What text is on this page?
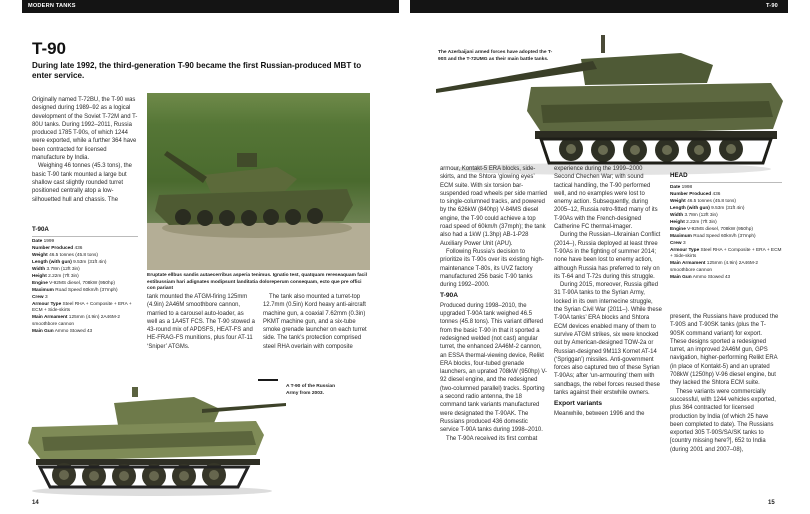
MODERN TANKS	T-90
T-90
During late 1992, the third-generation T-90 became the first Russian-produced MBT to enter service.

Originally named T-72BU, the T-90 was designed during 1989–92 as a logical development of the Soviet T-72M and T-80U tanks. During 1992–2011, Russia produced 1785 T-90s, of which 1244 were exported, while a further 364 have been contracted for licensed manufacture by India.

Weighing 46 tonnes (45.3 tons), the basic T-90 tank mounted a large but shallow cast slightly rounded turret positioned centrally atop a low-silhouetted hull and chassis. The

Eruptate ellbus sandis autaecerribus asperia tenimus. Ignatio test, quatquam rereseaquam facil estibussiam hari adignates modipsunt landitatia doloreperum consequam, ecto que pre offici con pariant
T-90A
Date 1999
Number Produced 436
Weight 46.5 tonnes (45.8 tons)
Length (with gun) 9.53m (31ft 4in)
Width 3.78m (12ft 3in)
Height 2.22m (7ft 3in)
Engine V-92MS diesel, 708kW (950hp)
Maximum Road Speed 60km/h (37mph)
Crew 3
Armour Type Steel RHA + Composite + ERA + ECM + Side-skirts
Main Armament 125mm (4.9in) 2A46M-2 smoothbore cannon
Main Gun Ammo Stowed 43

tank mounted the ATGM-firing 125mm (4.9in) 2A46M smoothbore cannon, married to a carousel auto-loader, as well as a 1A45T FCS. The T-90 stowed a 43-round mix of APDSFS, HEAT-FS and HE-FRAG-FS munitions, plus four AT-11 ‘Sniper’ ATGMs.

The tank also mounted a turret-top 12.7mm (0.5in) Kord heavy anti-aircraft machine gun, a coaxial 7.62mm (0.3in) PKMT machine gun, and a six-tube smoke grenade launcher on each turret side. The tank’s protection comprised steel RHA overlain with composite

A T-90 of the Russian Army from 2003.
14
The Azerbaijani armed forces have adopted the T-90S and the T-72UMG as their main battle tanks.

armour, Kontakt-5 ERA blocks, side-skirts, and the Shtora ‘glowing eyes’ ECM suite. With six torsion bar-suspended road wheels per side married to single-columned tracks, and powered by the 626kW (840hp) V-84MS diesel engine, the T-90 could achieve a top road speed of 60km/h (37mph); the tank also had a 1kW (1.3hp) AB-1-P28 Auxiliary Power Unit (APU).

Following Russia’s decision to prioritize its T-90s over its existing high-maintenance T-80s, its UVZ factory manufactured 256 basic T-90 tanks during 1992–2000.

T-90A

Produced during 1998–2010, the upgraded T-90A tank weighed 46.5 tonnes (45.8 tons). This variant differed from the basic T-90 in that it sported a redesigned welded (not cast) angular turret, the enhanced 2A46M-2 cannon, an ESSA thermal-viewing device, Relikt ERA blocks, four-tubed grenade launchers, an uprated 708kW (950hp) V-92 diesel engine, and the redesigned (two-columned parallel) tracks. Sporting a second radio antenna, the 18 command tank variants manufactured were designated the T-90AK. The Russians produced 436 domestic service T-90A tanks during 1998–2010.

The T-90A received its first combat

experience during the 1999–2000 Second Chechen War; with sound tactical handling, the T-90 performed well, and no examples were lost to enemy action. Subsequently, during 2005–12, Russia retro-fitted many of its T-90As with the French-designed Catherine FC thermal-imager.

During the Russian–Ukrainian Conflict (2014–), Russia deployed at least three T-90As in the fighting of summer 2014; none have been lost to enemy action, although Russia has preferred to rely on its T-64 and T-72s during this struggle.

During 2015, moreover, Russia gifted 31 T-90A tanks to the Syrian Army, locked in its own internecine struggle, the Syrian Civil War (2011–). While these T-90A tanks’ ERA blocks and Shtora ECM devices enabled many of them to survive ATGM strikes, six were knocked out by American-designed TOW-2a or Russian-designed 9M113 Kornet AT-14 (‘Spriggan’) missiles. Anti-government forces also captured two of these Syrian T-90As; after ‘un-armouring’ them with sandbags, the rebel forces reused these tanks against their erstwhile owners.

Export variants

Meanwhile, between 1996 and the

HEAD
Date 1998
Number Produced 436
Weight 46.5 tonnes (45.8 tons)
Length (with gun) 9.53m (31ft 4in)
Width 3.78m (12ft 3in)
Height 2.22m (7ft 3in)
Engine V-92MS diesel, 708kW (950hp)
Maximum Road Speed 60km/h (37mph)
Crew 3
Armour Type Steel RHA + Composite + ERA + ECM + Side-skirts
Main Armament 125mm (4.9in) 2A46M-2 smoothbore cannon
Main Gun Ammo Stowed 43

present, the Russians have produced the T-90S and T-90SK tanks (plus the T-90SK command variant) for export. These designs sported a redesigned turret, an improved 2A46M gun, GPS navigation, higher-performing Relikt ERA (in place of Kontakt-5) and an uprated 708kW (1250hp) V-96 diesel engine, but they lacked the Shtora ECM suite.

These variants were commercially successful, with 1244 vehicles exported, plus 364 contracted for licensed production by India (of which 25 have been completed to date). The Russians exported 305 T-90S/SA/SK tanks to [country missing here?], 652 to India (during 2001 and 2007–08),

15
